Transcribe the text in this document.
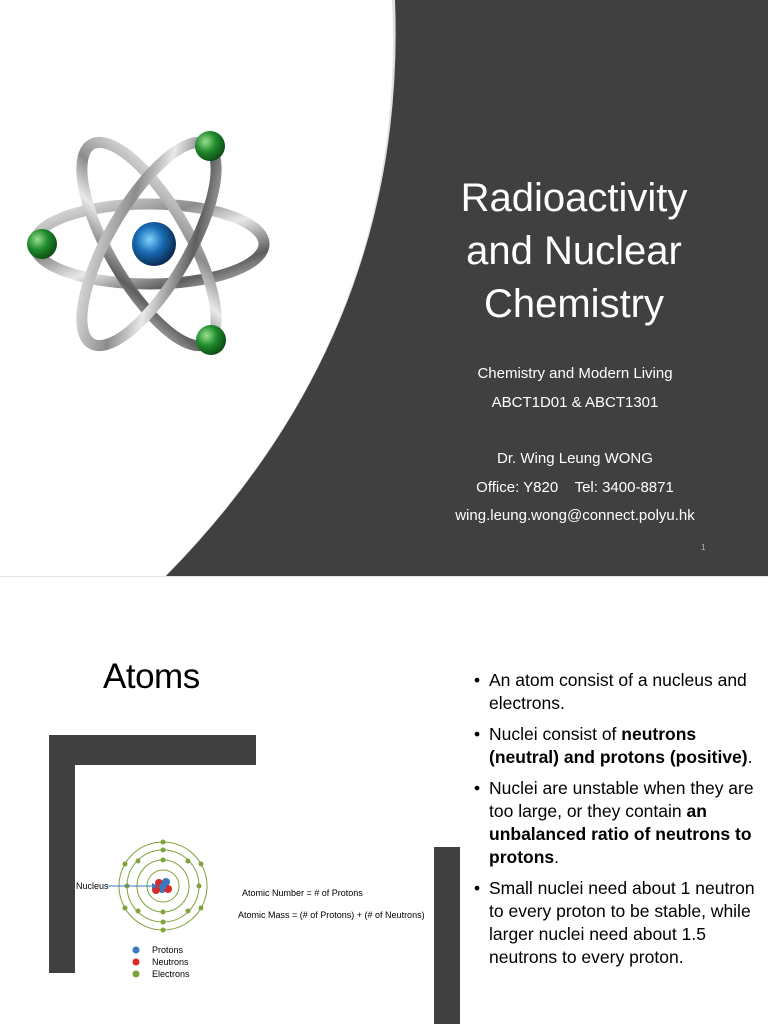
Radioactivity
and Nuclear
Chemistry
Chemistry and Modern Living
ABCT1D01 & ABCT1301
Dr. Wing Leung WONG
Office: Y820    Tel: 3400-8871
wing.leung.wong@connect.polyu.hk
1
Atoms
Nucleus
Protons
Neutrons
Electrons
Atomic Number = # of Protons
Atomic Mass = (# of Protons) + (# of Neutrons)
• An atom consist of a nucleus and electrons.
• Nuclei consist of neutrons (neutral) and protons (positive).
• Nuclei are unstable when they are too large, or they contain an unbalanced ratio of neutrons to protons.
• Small nuclei need about 1 neutron to every proton to be stable, while larger nuclei need about 1.5 neutrons to every proton.
